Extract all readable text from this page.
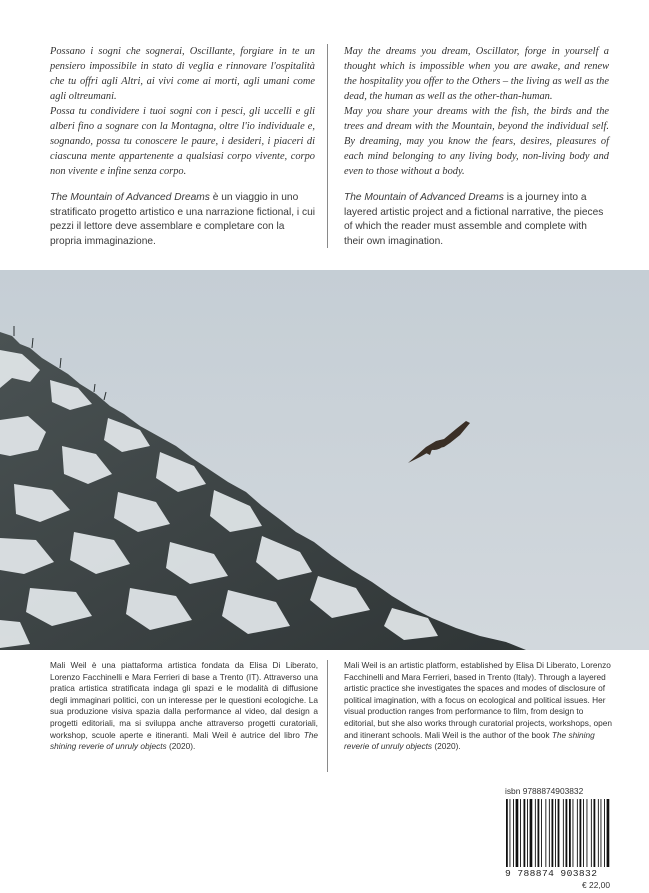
Possano i sogni che sognerai, Oscillante, forgiare in te un pensiero impossibile in stato di veglia e rinnovare l'ospitalità che tu offri agli Altri, ai vivi come ai morti, agli umani come agli oltreumani.

Possa tu condividere i tuoi sogni con i pesci, gli uccelli e gli alberi fino a sognare con la Montagna, oltre l'io individuale e, sognando, possa tu conoscere le paure, i desideri, i piaceri di ciascuna mente appartenente a qualsiasi corpo vivente, corpo non vivente e infine senza corpo.

The Mountain of Advanced Dreams è un viaggio in uno stratificato progetto artistico e una narrazione fictional, i cui pezzi il lettore deve assemblare e completare con la propria immaginazione.

May the dreams you dream, Oscillator, forge in yourself a thought which is impossible when you are awake, and renew the hospitality you offer to the Others – the living as well as the dead, the human as well as the other-than-human.

May you share your dreams with the fish, the birds and the trees and dream with the Mountain, beyond the individual self. By dreaming, may you know the fears, desires, pleasures of each mind belonging to any living body, non-living body and even to those without a body.

The Mountain of Advanced Dreams is a journey into a layered artistic project and a fictional narrative, the pieces of which the reader must assemble and complete with their own imagination.
Mali Weil è una piattaforma artistica fondata da Elisa Di Liberato, Lorenzo Facchinelli e Mara Ferrieri di base a Trento (IT). Attraverso una pratica artistica stratificata indaga gli spazi e le modalità di diffusione degli immaginari politici, con un interesse per le questioni ecologiche. La sua produzione visiva spazia dalla performance al video, dal design a progetti editoriali, ma si sviluppa anche attraverso progetti curatoriali, workshop, scuole aperte e itineranti. Mali Weil è autrice del libro The shining reverie of unruly objects (2020).
Mali Weil is an artistic platform, established by Elisa Di Liberato, Lorenzo Facchinelli and Mara Ferrieri, based in Trento (Italy). Through a layered artistic practice she investigates the spaces and modes of disclosure of political imagination, with a focus on ecological and political issues. Her visual production ranges from performance to film, from design to editorial, but she also works through curatorial projects, workshops, open and itinerant schools. Mali Weil is the author of the book The shining reverie of unruly objects (2020).
isbn 9788874903832
9 788874 903832
€ 22,00
